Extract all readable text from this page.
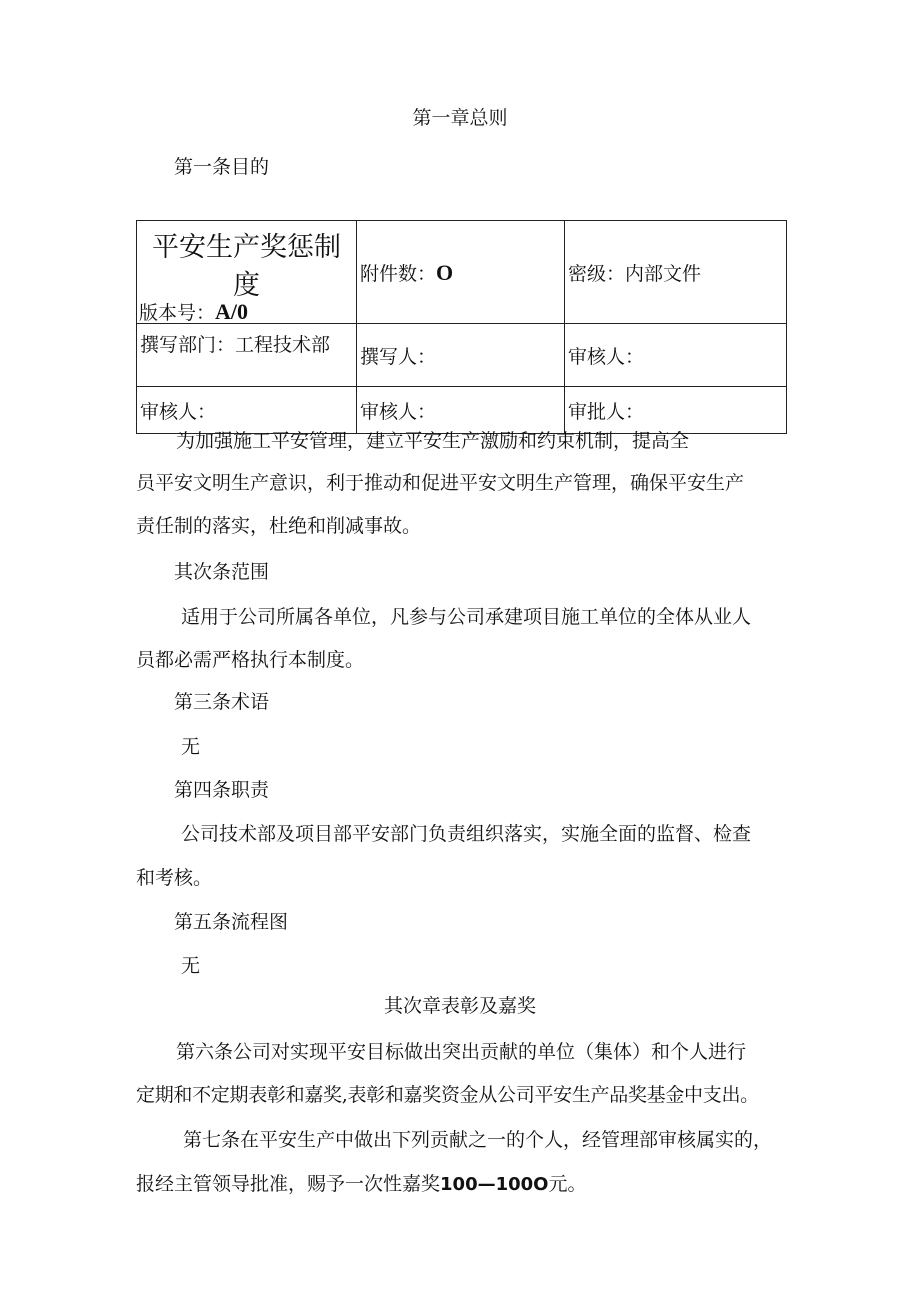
第一章总则

第一条目的

平安生产奖惩制
度
版本号：A/0	附件数：O	密级：内部文件
撰写部门：工程技术部	撰写人：	审核人：
审核人：	审核人：	审批人：

为加强施工平安管理，建立平安生产激励和约束机制，提高全

员平安文明生产意识，利于推动和促进平安文明生产管理，确保平安生产

责任制的落实，杜绝和削减事故。

其次条范围

适用于公司所属各单位，凡参与公司承建项目施工单位的全体从业人

员都必需严格执行本制度。

第三条术语

无

第四条职责

公司技术部及项目部平安部门负责组织落实，实施全面的监督、检查

和考核。

第五条流程图

无

其次章表彰及嘉奖

第六条公司对实现平安目标做出突出贡献的单位（集体）和个人进行

定期和不定期表彰和嘉奖,表彰和嘉奖资金从公司平安生产品奖基金中支出。

第七条在平安生产中做出下列贡献之一的个人，经管理部审核属实的，

报经主管领导批准，赐予一次性嘉奖100—100O元。
